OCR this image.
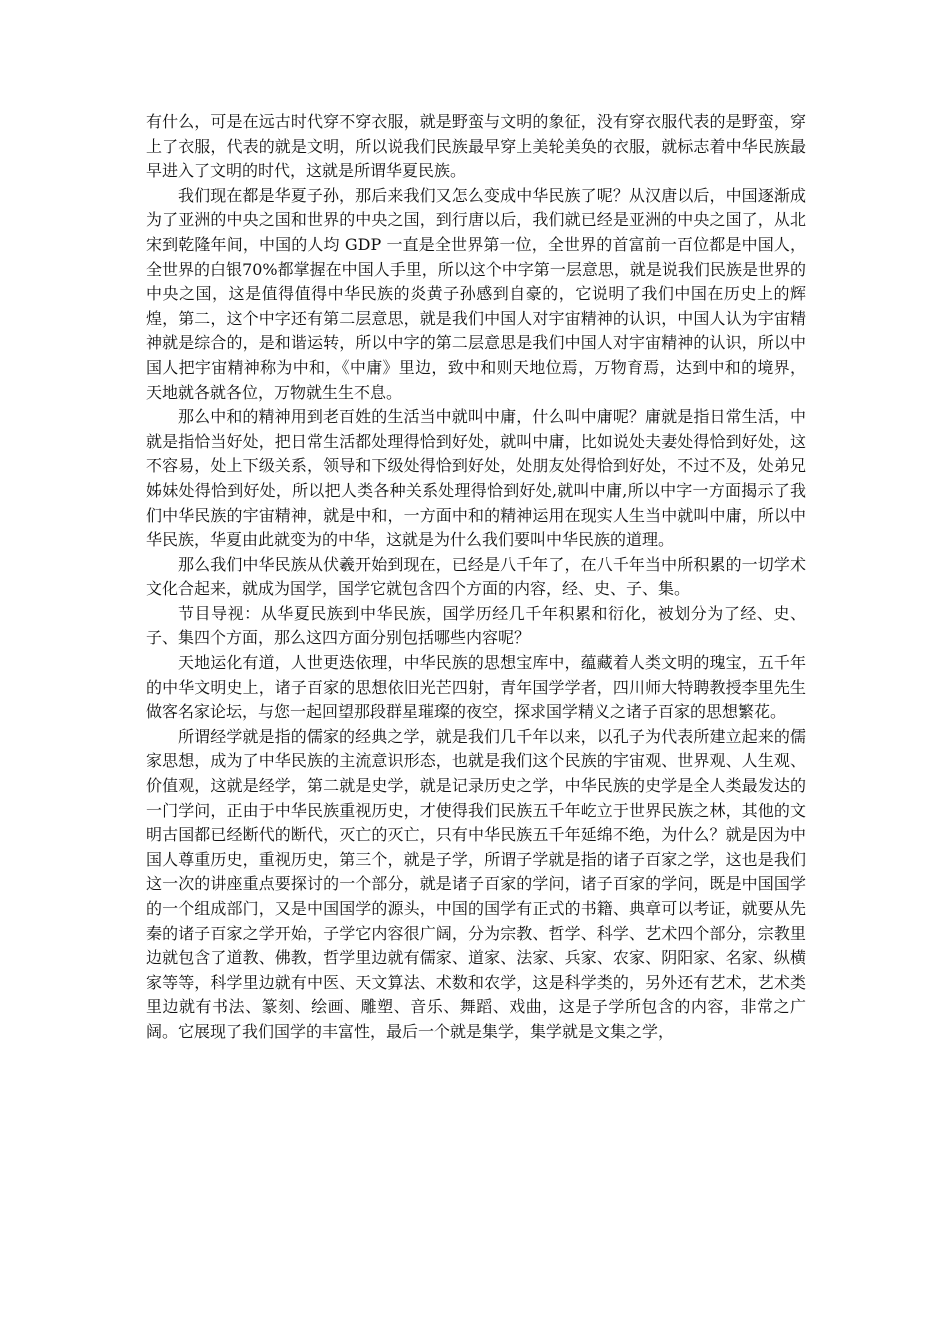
有什么，可是在远古时代穿不穿衣服，就是野蛮与文明的象征，没有穿衣服代表的是野蛮，穿上了衣服，代表的就是文明，所以说我们民族最早穿上美轮美奂的衣服，就标志着中华民族最早进入了文明的时代，这就是所谓华夏民族。

我们现在都是华夏子孙，那后来我们又怎么变成中华民族了呢？从汉唐以后，中国逐渐成为了亚洲的中央之国和世界的中央之国，到行唐以后，我们就已经是亚洲的中央之国了，从北宋到乾隆年间，中国的人均 GDP 一直是全世界第一位，全世界的首富前一百位都是中国人，全世界的白银70%都掌握在中国人手里，所以这个中字第一层意思，就是说我们民族是世界的中央之国，这是值得值得中华民族的炎黄子孙感到自豪的，它说明了我们中国在历史上的辉煌，第二，这个中字还有第二层意思，就是我们中国人对宇宙精神的认识，中国人认为宇宙精神就是综合的，是和谐运转，所以中字的第二层意思是我们中国人对宇宙精神的认识，所以中国人把宇宙精神称为中和，《中庸》里边，致中和则天地位焉，万物育焉，达到中和的境界，天地就各就各位，万物就生生不息。

那么中和的精神用到老百姓的生活当中就叫中庸，什么叫中庸呢？庸就是指日常生活，中就是指恰当好处，把日常生活都处理得恰到好处，就叫中庸，比如说处夫妻处得恰到好处，这不容易，处上下级关系，领导和下级处得恰到好处，处朋友处得恰到好处，不过不及，处弟兄姊妹处得恰到好处，所以把人类各种关系处理得恰到好处,就叫中庸,所以中字一方面揭示了我们中华民族的宇宙精神，就是中和，一方面中和的精神运用在现实人生当中就叫中庸，所以中华民族，华夏由此就变为的中华，这就是为什么我们要叫中华民族的道理。

那么我们中华民族从伏羲开始到现在，已经是八千年了，在八千年当中所积累的一切学术文化合起来，就成为国学，国学它就包含四个方面的内容，经、史、子、集。

节目导视：从华夏民族到中华民族，国学历经几千年积累和衍化，被划分为了经、史、子、集四个方面，那么这四方面分别包括哪些内容呢？

天地运化有道，人世更迭依理，中华民族的思想宝库中，蕴藏着人类文明的瑰宝，五千年的中华文明史上，诸子百家的思想依旧光芒四射，青年国学学者，四川师大特聘教授李里先生做客名家论坛，与您一起回望那段群星璀璨的夜空，探求国学精义之诸子百家的思想繁花。

所谓经学就是指的儒家的经典之学，就是我们几千年以来，以孔子为代表所建立起来的儒家思想，成为了中华民族的主流意识形态，也就是我们这个民族的宇宙观、世界观、人生观、价值观，这就是经学，第二就是史学，就是记录历史之学，中华民族的史学是全人类最发达的一门学问，正由于中华民族重视历史，才使得我们民族五千年屹立于世界民族之林，其他的文明古国都已经断代的断代，灭亡的灭亡，只有中华民族五千年延绵不绝，为什么？就是因为中国人尊重历史，重视历史，第三个，就是子学，所谓子学就是指的诸子百家之学，这也是我们这一次的讲座重点要探讨的一个部分，就是诸子百家的学问，诸子百家的学问，既是中国国学的一个组成部门，又是中国国学的源头，中国的国学有正式的书籍、典章可以考证，就要从先秦的诸子百家之学开始，子学它内容很广阔，分为宗教、哲学、科学、艺术四个部分，宗教里边就包含了道教、佛教，哲学里边就有儒家、道家、法家、兵家、农家、阴阳家、名家、纵横家等等，科学里边就有中医、天文算法、术数和农学，这是科学类的，另外还有艺术，艺术类里边就有书法、篆刻、绘画、雕塑、音乐、舞蹈、戏曲，这是子学所包含的内容，非常之广阔。它展现了我们国学的丰富性，最后一个就是集学，集学就是文集之学，
